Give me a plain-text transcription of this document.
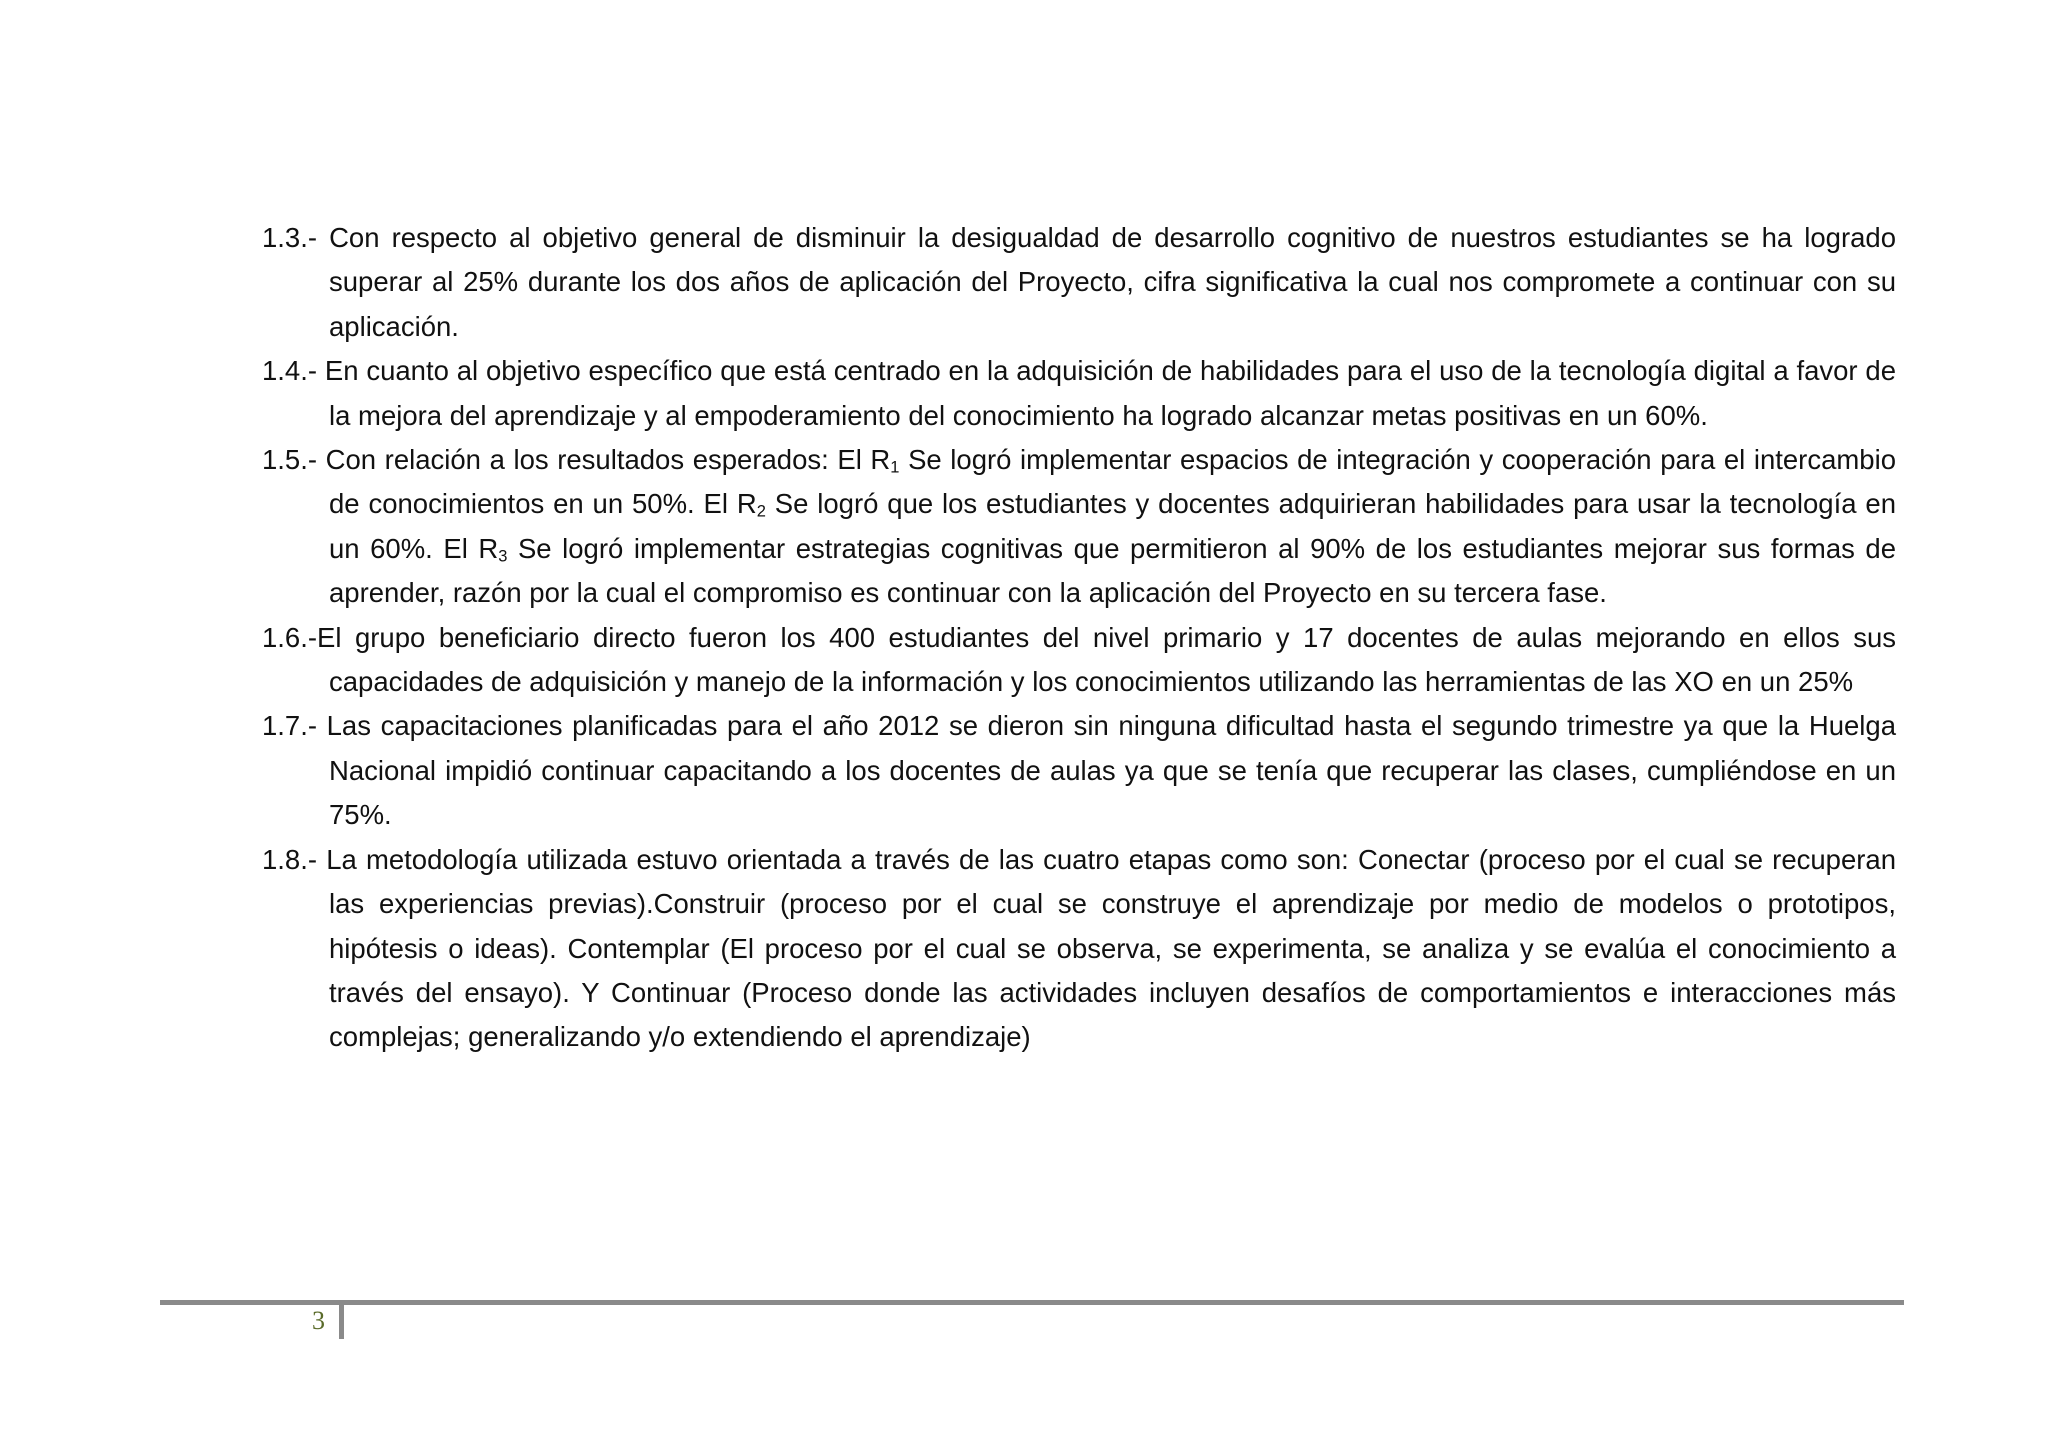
1.3.- Con respecto al objetivo general de disminuir la desigualdad de desarrollo cognitivo de nuestros estudiantes se ha logrado superar al 25% durante los dos años de aplicación del Proyecto, cifra significativa la cual nos compromete a continuar con su aplicación.

1.4.- En cuanto al objetivo específico que está centrado en la adquisición de habilidades para el uso de la tecnología digital a favor de la mejora del aprendizaje y al empoderamiento del conocimiento ha logrado alcanzar metas positivas en un 60%.

1.5.- Con relación a los resultados esperados: El $R_1$ Se logró implementar espacios de integración y cooperación para el intercambio de conocimientos en un 50%. El $R_2$ Se logró que los estudiantes y docentes adquirieran habilidades para usar la tecnología en un 60%. El $R_3$ Se logró implementar estrategias cognitivas que permitieron al 90% de los estudiantes mejorar sus formas de aprender, razón por la cual el compromiso es continuar con la aplicación del Proyecto en su tercera fase.

1.6.-El grupo beneficiario directo fueron los 400 estudiantes del nivel primario y 17 docentes de aulas mejorando en ellos sus capacidades de adquisición y manejo de la información y los conocimientos utilizando las herramientas de las XO en un 25%

1.7.- Las capacitaciones planificadas para el año 2012 se dieron sin ninguna dificultad hasta el segundo trimestre ya que la Huelga Nacional impidió continuar capacitando a los docentes de aulas ya que se tenía que recuperar las clases, cumpliéndose en un 75%.

1.8.- La metodología utilizada estuvo orientada a través de las cuatro etapas como son: Conectar (proceso por el cual se recuperan las experiencias previas).Construir (proceso por el cual se construye el aprendizaje por medio de modelos o prototipos, hipótesis o ideas). Contemplar (El proceso por el cual se observa, se experimenta, se analiza y se evalúa el conocimiento a través del ensayo). Y Continuar (Proceso donde las actividades incluyen desafíos de comportamientos e interacciones más complejas; generalizando y/o extendiendo el aprendizaje)

3
